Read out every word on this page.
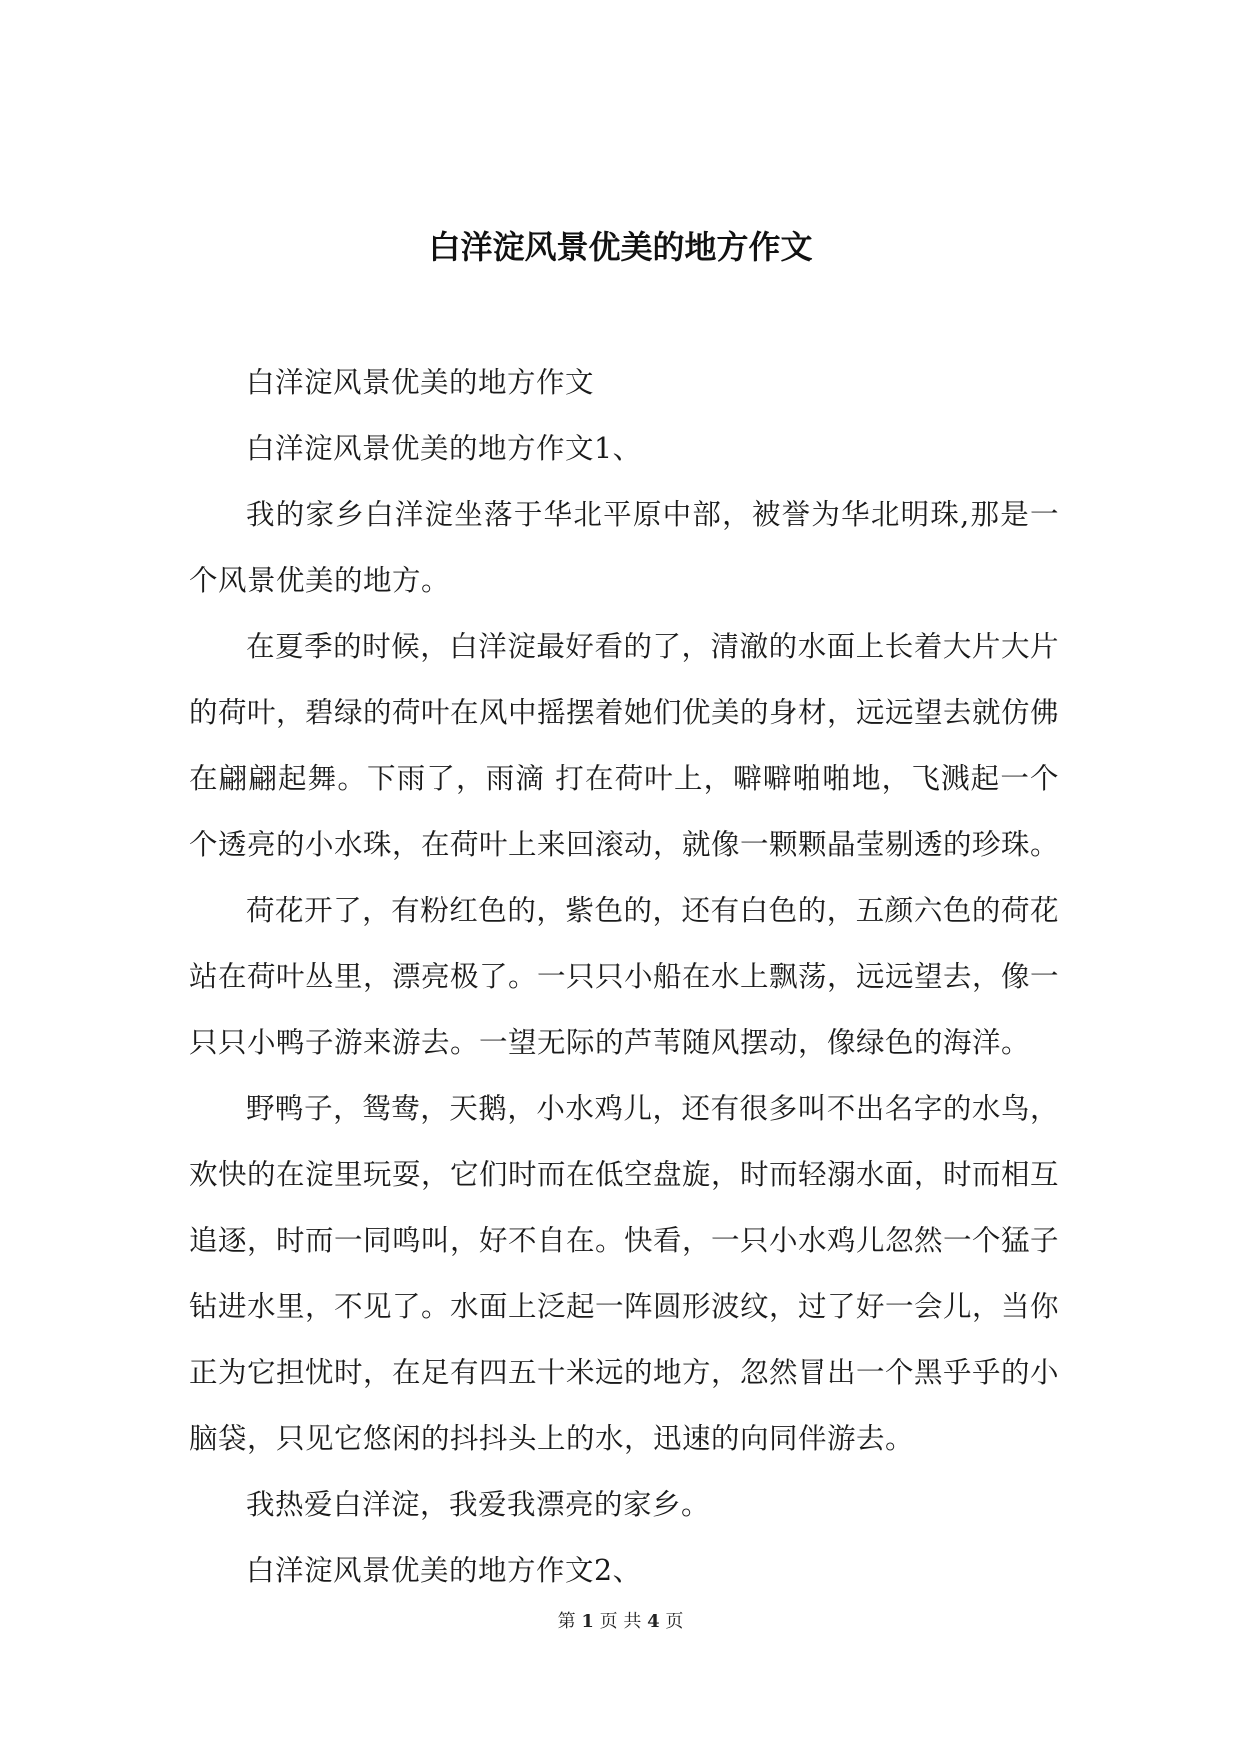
白洋淀风景优美的地方作文

白洋淀风景优美的地方作文

白洋淀风景优美的地方作文1、

我的家乡白洋淀坐落于华北平原中部，被誉为华北明珠,那是一个风景优美的地方。

在夏季的时候，白洋淀最好看的了，清澈的水面上长着大片大片的荷叶，碧绿的荷叶在风中摇摆着她们优美的身材，远远望去就仿佛在翩翩起舞。下雨了，雨滴 打在荷叶上，噼噼啪啪地，飞溅起一个个透亮的小水珠，在荷叶上来回滚动，就像一颗颗晶莹剔透的珍珠。

荷花开了，有粉红色的，紫色的，还有白色的，五颜六色的荷花站在荷叶丛里，漂亮极了。一只只小船在水上飘荡，远远望去，像一只只小鸭子游来游去。一望无际的芦苇随风摆动，像绿色的海洋。

野鸭子，鸳鸯，天鹅，小水鸡儿，还有很多叫不出名字的水鸟，欢快的在淀里玩耍，它们时而在低空盘旋，时而轻溺水面，时而相互追逐，时而一同鸣叫，好不自在。快看，一只小水鸡儿忽然一个猛子钻进水里，不见了。水面上泛起一阵圆形波纹，过了好一会儿，当你正为它担忧时，在足有四五十米远的地方，忽然冒出一个黑乎乎的小脑袋，只见它悠闲的抖抖头上的水，迅速的向同伴游去。

我热爱白洋淀，我爱我漂亮的家乡。

白洋淀风景优美的地方作文2、

第 1 页 共 4 页
